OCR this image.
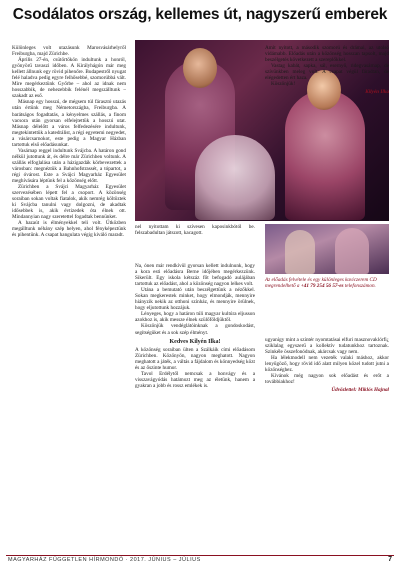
Csodálatos ország, kellemes út, nagyszerű emberek

Különleges volt utazásunk Marosvásárhelyről Freiburgba, majd Zürichbe.

Április 27-én, csütörtökön indultunk a honról, gyönyörű tavaszi időben. A Királyhágón már meg kellett állnunk egy rövid pihenőre. Budapestről nyugat felé haladva pedig egyre felhősebbé, szomorúbbá vált. Mire megérkeztünk Győrbe – ahol az idnak nem hosszabbik, de nehezebbik felénél megszálltunk – szakadt az eső.

Másnap egy hosszú, de mégsem túl fárasztó utazás után értünk meg Németországba, Freiburgba. A barátságos fogadtatás, a kényelmes szállás, a finom vacsora után gyorsan elfelejtettük a hosszú utat. Másnap délelőtt a város felfedezésére indultunk, megtekintettük a katedrálist, a régi egyetemi negyedet, a vásárcsarnokot, este pedig a Magyar Házban tartottuk első előadásunkat.

Vasárnap reggel indultunk Svájcba. A határon gond nélkül jutottunk át, és délre már Zürichben voltunk. A szállás elfoglalása után a házigazdák körbevezettek a városban: megnéztük a Bahnhofstrassét, a tópartot, a régi óvárost. Este a Svájci Magyarház Egyesület meghívására léptünk fel a közönség előtt.

Zürichben a Svájci Magyarház Egyesület szervezésében lépett fel a csoport. A közönség soraiban sokan voltak fiatalok, akik nemrég költöztek ki Svájcba tanulni vagy dolgozni, de akadtak idősebbek is, akik évtizedek óta élnek ott. Mindannyian nagy szeretettel fogadtak bennünket.

A hazaút is élményekkel teli volt. Útközben megálltunk néhány szép helyen, ahol fényképeztünk és pihentünk. A csapat hangulata végig kiváló maradt.

nel nyitottam ki szívesen kaposinkbótól be. felszabadultan játszott, kacagott.

Na, ónen már rendkívül gyorsan kellett indulnunk, hogy a kora esti előadásra Berne időjében megérkezzünk. Sikerült. Egy iskola kétszáz főt befogadó aulájában tartottuk az előadást, ahol a közönség nagyon lelkes volt.

Utána a bemutató után beszélgettünk a nézőkkel. Sokan megkerestek minket, hogy elmondják, mennyire hiányzik nekik az otthoni színház, és mennyire örülnek, hogy eljutottunk hozzájuk.

Lényeges, hogy a határon túli magyar kultúra eljusson azokhoz is, akik messze élnek szülőföldjüktől.

Köszönjük vendéglátóinknak a gondoskodást, segítségüket és a sok szép élményt.

Kedves Kilyén Ilka!

A közönség soraiban ülten a Szálkáik cími előadásom Zürichben. Közönyön, nagyon meghatott. Nagyon meghatott a játék, a váltás a fájdalom és könnyedség közt és az őszinte humor.

Tavol Erdélytől nemcsak a honvágy és a visszavágyódás hatámozt meg az életünk, hanem a gyakran a jobb és rossz emlékek is.

Amit nyitott, a második szomorú és drámai, az utolsó vidámabb. Előadás után a közönség hosszan tapsolt, majd beszélgetés következett a szereplőkkel.

Vastag kabát, sapka, sál, esernyő, ridegvasárnap, de szívünkben meleg volt. A csapat végül fáradtan, de elégedetten ért haza.

Köszönjük!

Kilyén Ilka
Az előadás felvétele és egy különleges kaviczerem CD megrendelhető a +41 79 254 56 57-es telefonszámon.

ugyanígy mint a színtér nyomtatásai elfuri masznovaklórfi¿ sziklalag egyszerű a kollektív tudatunkhoz tartoznak. Szinkéle összefonódnak, akárcsak vagy nem.

Ha lélekmodell nem vezeték valaki máshoz, akkor lenyűgöző, hogy rövid idő alatt milyen közel tudott jutni a közönséghez.

Kívánok még nagyon sok előadást és erőt a továbbiakhoz!

Üdvözlettel: Miklós Hajnal
MAGYARHÁZ FÜGGETLEN HÍRMONDÓ · 2017. JÚNIUS – JÚLIUS	7
